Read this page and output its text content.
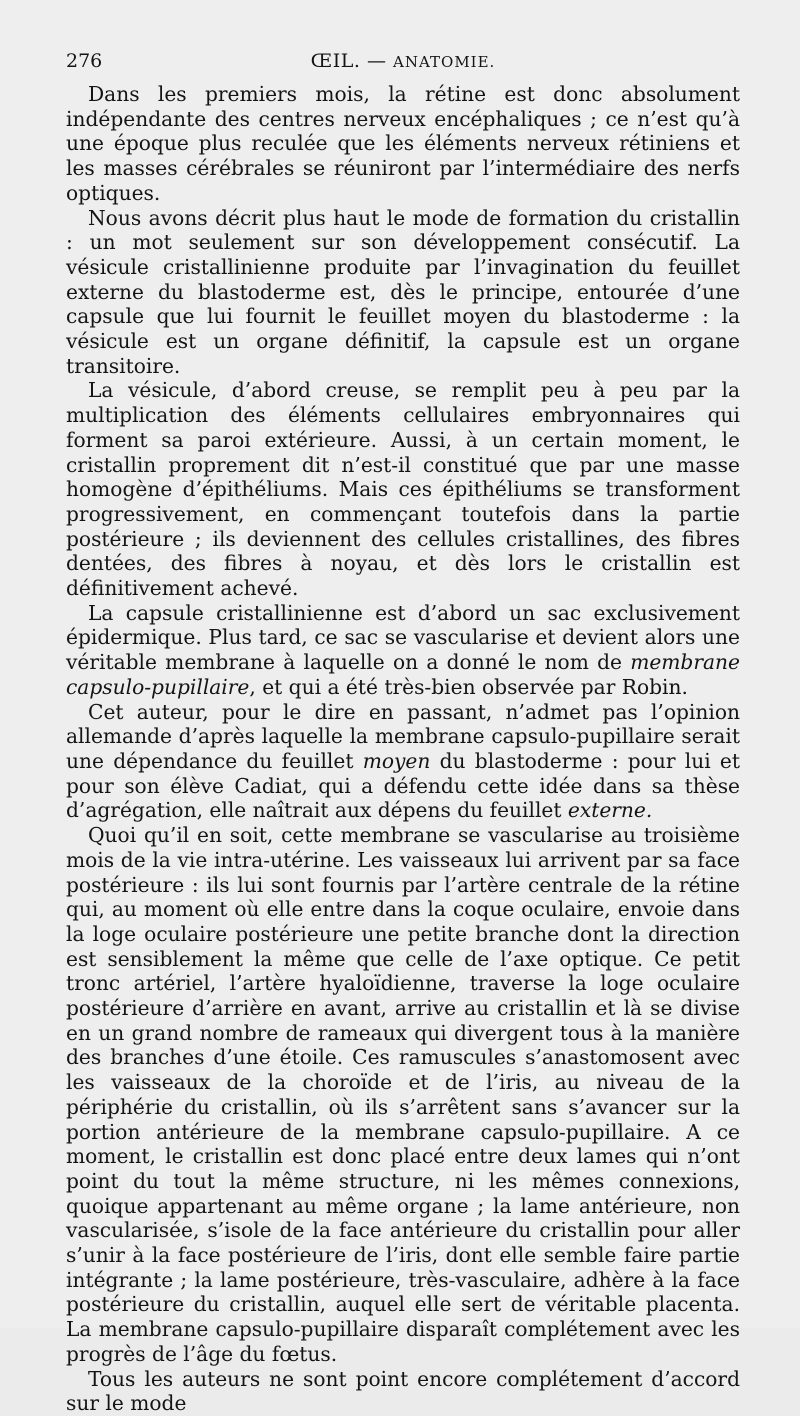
276	ŒIL. — ANATOMIE.

Dans les premiers mois, la rétine est donc absolument indépendante des centres nerveux encéphaliques ; ce n’est qu’à une époque plus reculée que les éléments nerveux rétiniens et les masses cérébrales se réuniront par l’intermédiaire des nerfs optiques.

Nous avons décrit plus haut le mode de formation du cristallin : un mot seulement sur son développement consécutif. La vésicule cristallinienne produite par l’invagination du feuillet externe du blastoderme est, dès le principe, entourée d’une capsule que lui fournit le feuillet moyen du blastoderme : la vésicule est un organe définitif, la capsule est un organe transitoire.

La vésicule, d’abord creuse, se remplit peu à peu par la multiplication des éléments cellulaires embryonnaires qui forment sa paroi extérieure. Aussi, à un certain moment, le cristallin proprement dit n’est-il constitué que par une masse homogène d’épithéliums. Mais ces épithéliums se transforment progressivement, en commençant toutefois dans la partie postérieure ; ils deviennent des cellules cristallines, des fibres dentées, des fibres à noyau, et dès lors le cristallin est définitivement achevé.

La capsule cristallinienne est d’abord un sac exclusivement épidermique. Plus tard, ce sac se vascularise et devient alors une véritable membrane à laquelle on a donné le nom de membrane capsulo-pupillaire, et qui a été très-bien observée par Robin.

Cet auteur, pour le dire en passant, n’admet pas l’opinion allemande d’après laquelle la membrane capsulo-pupillaire serait une dépendance du feuillet moyen du blastoderme : pour lui et pour son élève Cadiat, qui a défendu cette idée dans sa thèse d’agrégation, elle naîtrait aux dépens du feuillet externe.

Quoi qu’il en soit, cette membrane se vascularise au troisième mois de la vie intra-utérine. Les vaisseaux lui arrivent par sa face postérieure : ils lui sont fournis par l’artère centrale de la rétine qui, au moment où elle entre dans la coque oculaire, envoie dans la loge oculaire postérieure une petite branche dont la direction est sensiblement la même que celle de l’axe optique. Ce petit tronc artériel, l’artère hyaloïdienne, traverse la loge oculaire postérieure d’arrière en avant, arrive au cristallin et là se divise en un grand nombre de rameaux qui divergent tous à la manière des branches d’une étoile. Ces ramuscules s’anastomosent avec les vaisseaux de la choroïde et de l’iris, au niveau de la périphérie du cristallin, où ils s’arrêtent sans s’avancer sur la portion antérieure de la membrane capsulo-pupillaire. A ce moment, le cristallin est donc placé entre deux lames qui n’ont point du tout la même structure, ni les mêmes connexions, quoique appartenant au même organe ; la lame antérieure, non vascularisée, s’isole de la face antérieure du cristallin pour aller s’unir à la face postérieure de l’iris, dont elle semble faire partie intégrante ; la lame postérieure, très-vasculaire, adhère à la face postérieure du cristallin, auquel elle sert de véritable placenta. La membrane capsulo-pupillaire disparaît complétement avec les progrès de l’âge du fœtus.

Tous les auteurs ne sont point encore complétement d’accord sur le mode
